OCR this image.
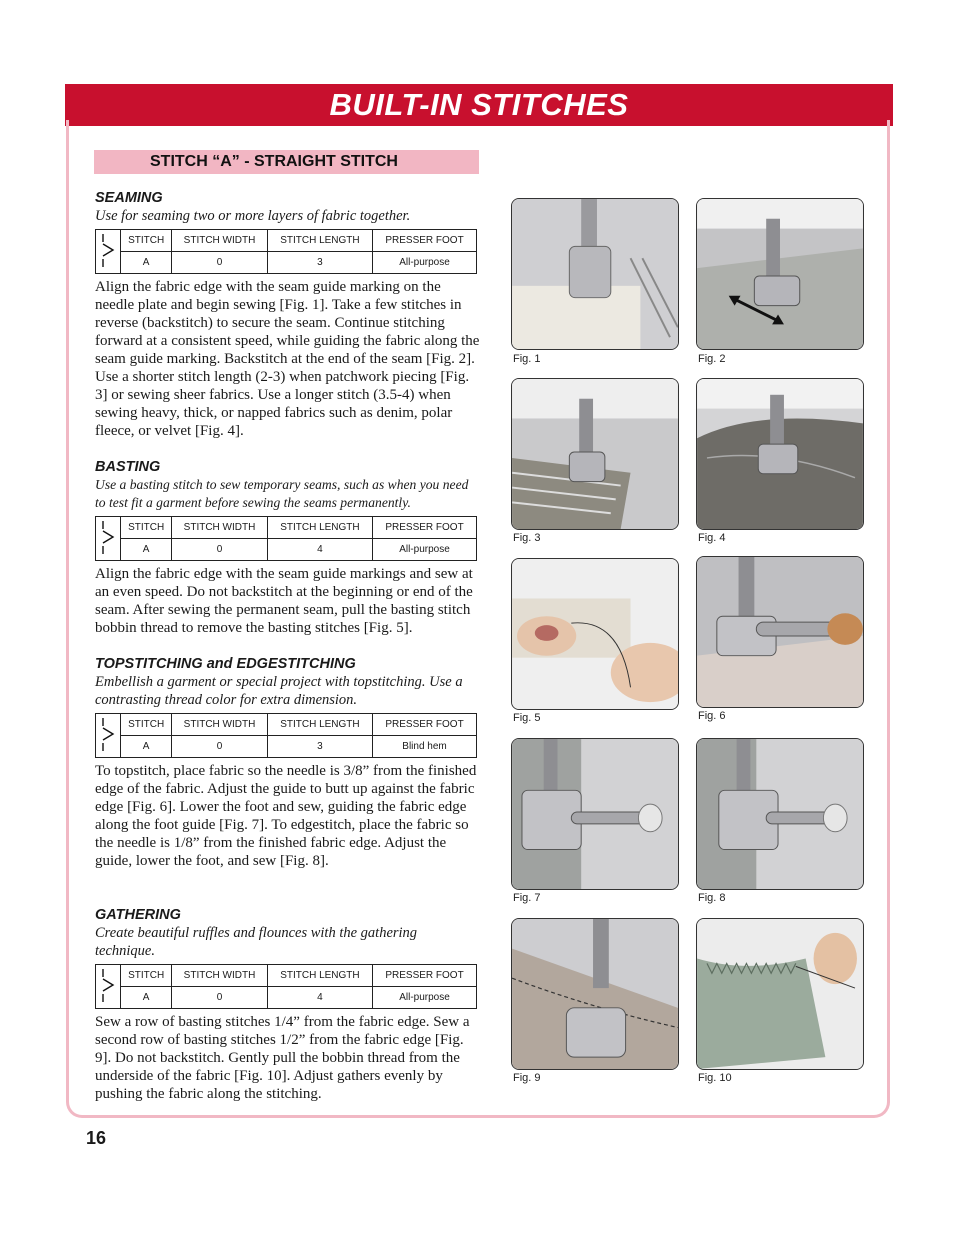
BUILT-IN STITCHES
STITCH “A” - STRAIGHT STITCH

SEAMING

Use for seaming two or more layers of fabric together.

	STITCH	STITCH WIDTH	STITCH LENGTH	PRESSER FOOT
	A	0	3	All-purpose

Align the fabric edge with the seam guide marking on the needle plate and begin sewing [Fig. 1]. Take a few stitches in reverse (backstitch) to secure the seam. Continue stitching forward at a consistent speed, while guiding the fabric along the seam guide marking. Backstitch at the end of the seam [Fig. 2]. Use a shorter stitch length (2-3) when patchwork piecing [Fig. 3] or sewing sheer fabrics. Use a longer stitch (3.5-4) when sewing heavy, thick, or napped fabrics such as denim, polar fleece, or velvet [Fig. 4].

BASTING

Use a basting stitch to sew temporary seams, such as when you need to test fit a garment before sewing the seams permanently.

	STITCH	STITCH WIDTH	STITCH LENGTH	PRESSER FOOT
	A	0	4	All-purpose

Align the fabric edge with the seam guide markings and sew at an even speed. Do not backstitch at the beginning or end of the seam. After sewing the permanent seam, pull the basting stitch bobbin thread to remove the basting stitches [Fig. 5].

TOPSTITCHING and EDGESTITCHING

Embellish a garment or special project with topstitching. Use a contrasting thread color for extra dimension.

	STITCH	STITCH WIDTH	STITCH LENGTH	PRESSER FOOT
	A	0	3	Blind hem

To topstitch, place fabric so the needle is 3/8” from the finished edge of the fabric. Adjust the guide to butt up against the fabric edge [Fig. 6]. Lower the foot and sew, guiding the fabric edge along the foot guide [Fig. 7]. To edgestitch, place the fabric so the needle is 1/8” from the finished fabric edge. Adjust the guide, lower the foot, and sew [Fig. 8].

GATHERING

Create beautiful ruffles and flounces with the gathering technique.

	STITCH	STITCH WIDTH	STITCH LENGTH	PRESSER FOOT
	A	0	4	All-purpose

Sew a row of basting stitches 1/4” from the fabric edge. Sew a second row of basting stitches 1/2” from the fabric edge [Fig. 9]. Do not backstitch. Gently pull the bobbin thread from the underside of the fabric [Fig. 10]. Adjust gathers evenly by pushing the fabric along the stitching.

Fig. 1	Fig. 2
Fig. 3	Fig. 4
Fig. 5	Fig. 6
Fig. 7	Fig. 8
Fig. 9	Fig. 10
16
